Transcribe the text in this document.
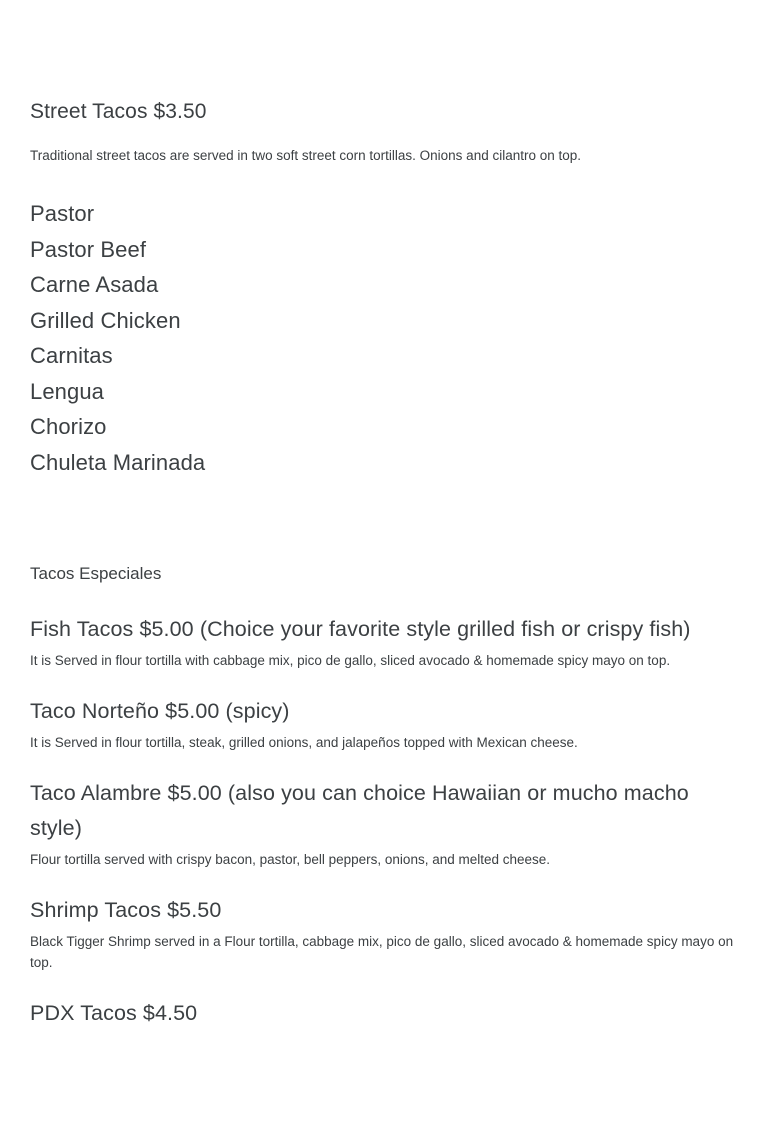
Street Tacos $3.50

Traditional street tacos are served in two soft street corn tortillas. Onions and cilantro on top.

Pastor
Pastor Beef
Carne Asada
Grilled Chicken
Carnitas
Lengua
Chorizo
Chuleta Marinada
Tacos Especiales
Fish Tacos $5.00 (Choice your favorite style grilled fish or crispy fish)
It is Served in flour tortilla with cabbage mix, pico de gallo, sliced avocado & homemade spicy mayo on top.
Taco Norteño $5.00 (spicy)
It is Served in flour tortilla, steak, grilled onions, and jalapeños topped with Mexican cheese.
Taco Alambre $5.00 (also you can choice Hawaiian or mucho macho style)
Flour tortilla served with crispy bacon, pastor, bell peppers, onions, and melted cheese.
Shrimp Tacos $5.50
Black Tigger Shrimp served in a Flour tortilla, cabbage mix, pico de gallo, sliced avocado & homemade spicy mayo on top.
PDX Tacos $4.50
